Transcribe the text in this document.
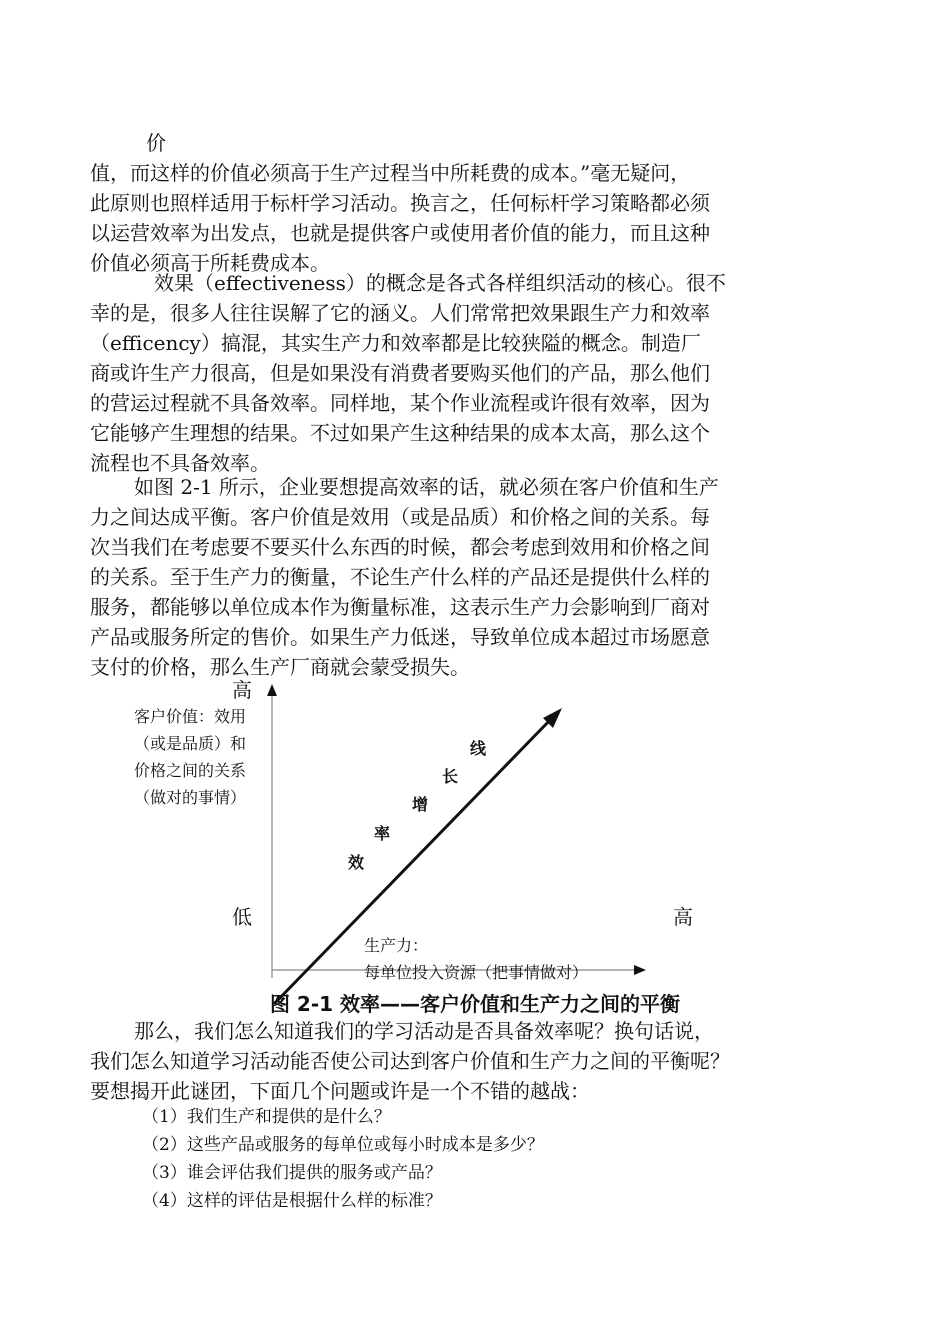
价
值，而这样的价值必须高于生产过程当中所耗费的成本。”毫无疑问，
此原则也照样适用于标杆学习活动。换言之，任何标杆学习策略都必须
以运营效率为出发点，也就是提供客户或使用者价值的能力，而且这种
价值必须高于所耗费成本。
效果（effectiveness）的概念是各式各样组织活动的核心。很不
幸的是，很多人往往误解了它的涵义。人们常常把效果跟生产力和效率
（efficency）搞混，其实生产力和效率都是比较狭隘的概念。制造厂
商或许生产力很高，但是如果没有消费者要购买他们的产品，那么他们
的营运过程就不具备效率。同样地，某个作业流程或许很有效率，因为
它能够产生理想的结果。不过如果产生这种结果的成本太高，那么这个
流程也不具备效率。
如图 2-1 所示，企业要想提高效率的话，就必须在客户价值和生产
力之间达成平衡。客户价值是效用（或是品质）和价格之间的关系。每
次当我们在考虑要不要买什么东西的时候，都会考虑到效用和价格之间
的关系。至于生产力的衡量，不论生产什么样的产品还是提供什么样的
服务，都能够以单位成本作为衡量标准，这表示生产力会影响到厂商对
产品或服务所定的售价。如果生产力低迷，导致单位成本超过市场愿意
支付的价格，那么生产厂商就会蒙受损失。
高
客户价值：效用
（或是品质）和
价格之间的关系
（做对的事情）
低	高
生产力：
每单位投入资源（把事情做对）
效
率
增
长
线
图 2-1 效率——客户价值和生产力之间的平衡
那么，我们怎么知道我们的学习活动是否具备效率呢？换句话说，
我们怎么知道学习活动能否使公司达到客户价值和生产力之间的平衡呢？
要想揭开此谜团，下面几个问题或许是一个不错的越战：
（1）我们生产和提供的是什么？
（2）这些产品或服务的每单位或每小时成本是多少？
（3）谁会评估我们提供的服务或产品？
（4）这样的评估是根据什么样的标准？
